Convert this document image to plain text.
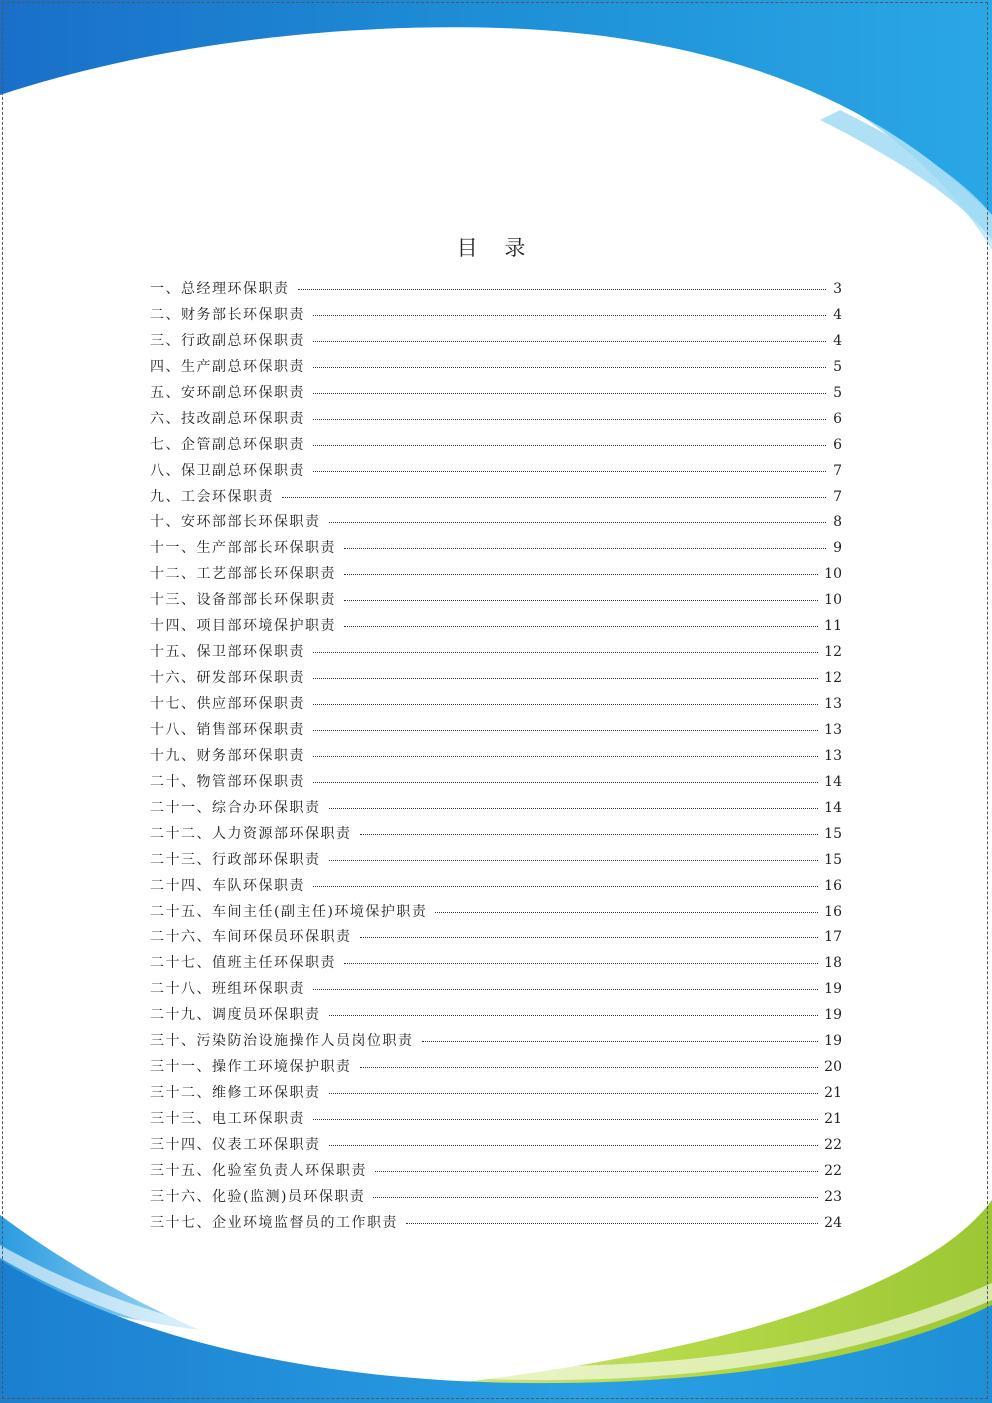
目 录
一、总经理环保职责	3
二、财务部长环保职责	4
三、行政副总环保职责	4
四、生产副总环保职责	5
五、安环副总环保职责	5
六、技改副总环保职责	6
七、企管副总环保职责	6
八、保卫副总环保职责	7
九、工会环保职责	7
十、安环部部长环保职责	8
十一、生产部部长环保职责	9
十二、工艺部部长环保职责	10
十三、设备部部长环保职责	10
十四、项目部环境保护职责	11
十五、保卫部环保职责	12
十六、研发部环保职责	12
十七、供应部环保职责	13
十八、销售部环保职责	13
十九、财务部环保职责	13
二十、物管部环保职责	14
二十一、综合办环保职责	14
二十二、人力资源部环保职责	15
二十三、行政部环保职责	15
二十四、车队环保职责	16
二十五、车间主任(副主任)环境保护职责	16
二十六、车间环保员环保职责	17
二十七、值班主任环保职责	18
二十八、班组环保职责	19
二十九、调度员环保职责	19
三十、污染防治设施操作人员岗位职责	19
三十一、操作工环境保护职责	20
三十二、维修工环保职责	21
三十三、电工环保职责	21
三十四、仪表工环保职责	22
三十五、化验室负责人环保职责	22
三十六、化验(监测)员环保职责	23
三十七、企业环境监督员的工作职责	24
